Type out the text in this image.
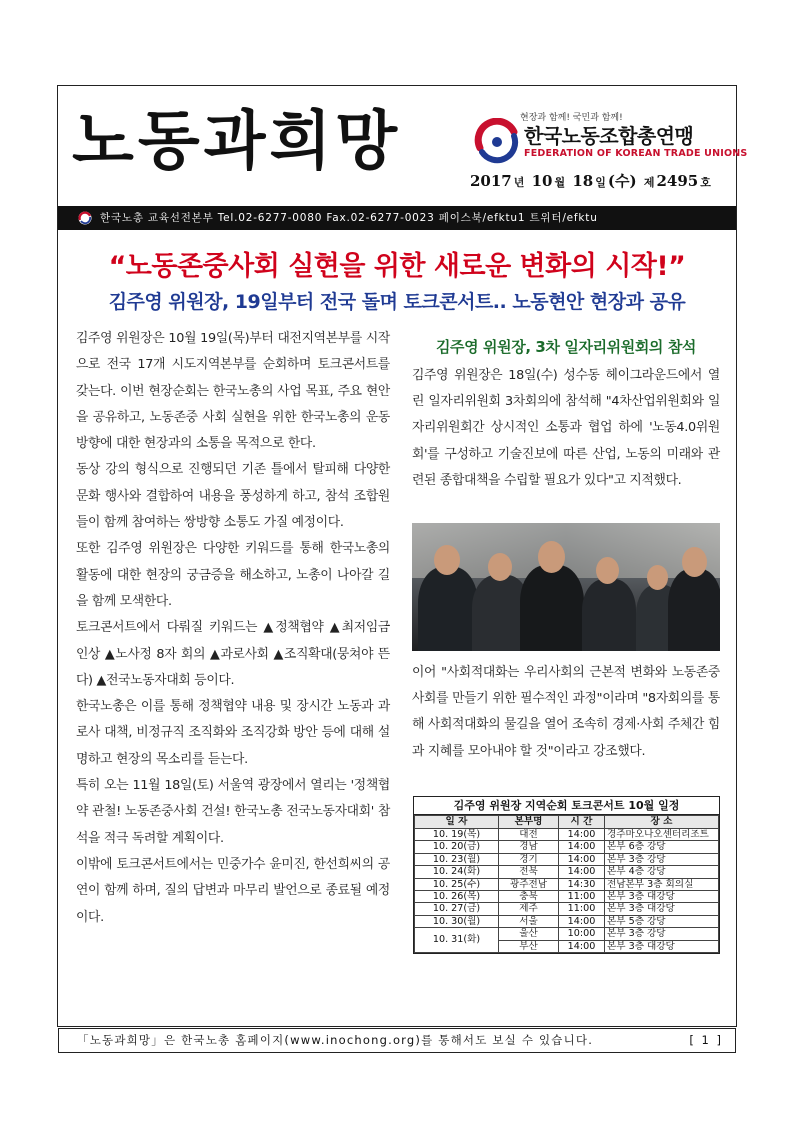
노동과희망	현장과 함께! 국민과 함께!
한국노동조합총연맹
FEDERATION OF KOREAN TRADE UNIONS
2017 년 10 월 18 일 (수) 제 2495 호
한국노총 교육선전본부 Tel.02-6277-0080 Fax.02-6277-0023 페이스북/efktu1 트위터/efktu
“노동존중사회 실현을 위한 새로운 변화의 시작!”
김주영 위원장, 19일부터 전국 돌며 토크콘서트.. 노동현안 현장과 공유

김주영 위원장은 10월 19일(목)부터 대전지역본부를 시작으로 전국 17개 시도지역본부를 순회하며 토크콘서트를 갖는다. 이번 현장순회는 한국노총의 사업 목표, 주요 현안을 공유하고, 노동존중 사회 실현을 위한 한국노총의 운동방향에 대한 현장과의 소통을 목적으로 한다.

동상 강의 형식으로 진행되던 기존 틀에서 탈피해 다양한 문화 행사와 결합하여 내용을 풍성하게 하고, 참석 조합원들이 함께 참여하는 쌍방향 소통도 가질 예정이다.

또한 김주영 위원장은 다양한 키워드를 통해 한국노총의 활동에 대한 현장의 궁금증을 해소하고, 노총이 나아갈 길을 함께 모색한다.

토크콘서트에서 다뤄질 키워드는 ▲정책협약 ▲최저임금 인상 ▲노사정 8자 회의 ▲과로사회 ▲조직확대(뭉쳐야 뜬다) ▲전국노동자대회 등이다.

한국노총은 이를 통해 정책협약 내용 및 장시간 노동과 과로사 대책, 비정규직 조직화와 조직강화 방안 등에 대해 설명하고 현장의 목소리를 듣는다.

특히 오는 11월 18일(토) 서울역 광장에서 열리는 '정책협약 관철! 노동존중사회 건설! 한국노총 전국노동자대회' 참석을 적극 독려할 계획이다.

이밖에 토크콘서트에서는 민중가수 윤미진, 한선희씨의 공연이 함께 하며, 질의 답변과 마무리 발언으로 종료될 예정이다.

김주영 위원장, 3차 일자리위원회의 참석

김주영 위원장은 18일(수) 성수동 헤이그라운드에서 열린 일자리위원회 3차회의에 참석해 "4차산업위원회와 일자리위원회간 상시적인 소통과 협업 하에 '노동4.0위원회'를 구성하고 기술진보에 따른 산업, 노동의 미래와 관련된 종합대책을 수립할 필요가 있다"고 지적했다.

이어 "사회적대화는 우리사회의 근본적 변화와 노동존중사회를 만들기 위한 필수적인 과정"이라며 "8자회의를 통해 사회적대화의 물길을 열어 조속히 경제·사회 주체간 힘과 지혜를 모아내야 할 것"이라고 강조했다.

김주영 위원장 지역순회 토크콘서트 10월 일정
일 자	본부명	시 간	장 소
10. 19(목)	대전	14:00	경주마오나오센터리조트
10. 20(금)	경남	14:00	본부 6층 강당
10. 23(월)	경기	14:00	본부 3층 강당
10. 24(화)	전북	14:00	본부 4층 강당
10. 25(수)	광주전남	14:30	전남본부 3층 회의실
10. 26(목)	충북	11:00	본부 3층 대강당
10. 27(금)	제주	11:00	본부 3층 대강당
10. 30(월)	서울	14:00	본부 5층 강당
10. 31(화)	울산	10:00	본부 3층 강당
	부산	14:00	본부 3층 대강당
「노동과희망」은 한국노총 홈페이지(www.inochong.org)를 통해서도 보실 수 있습니다.	[ 1 ]
